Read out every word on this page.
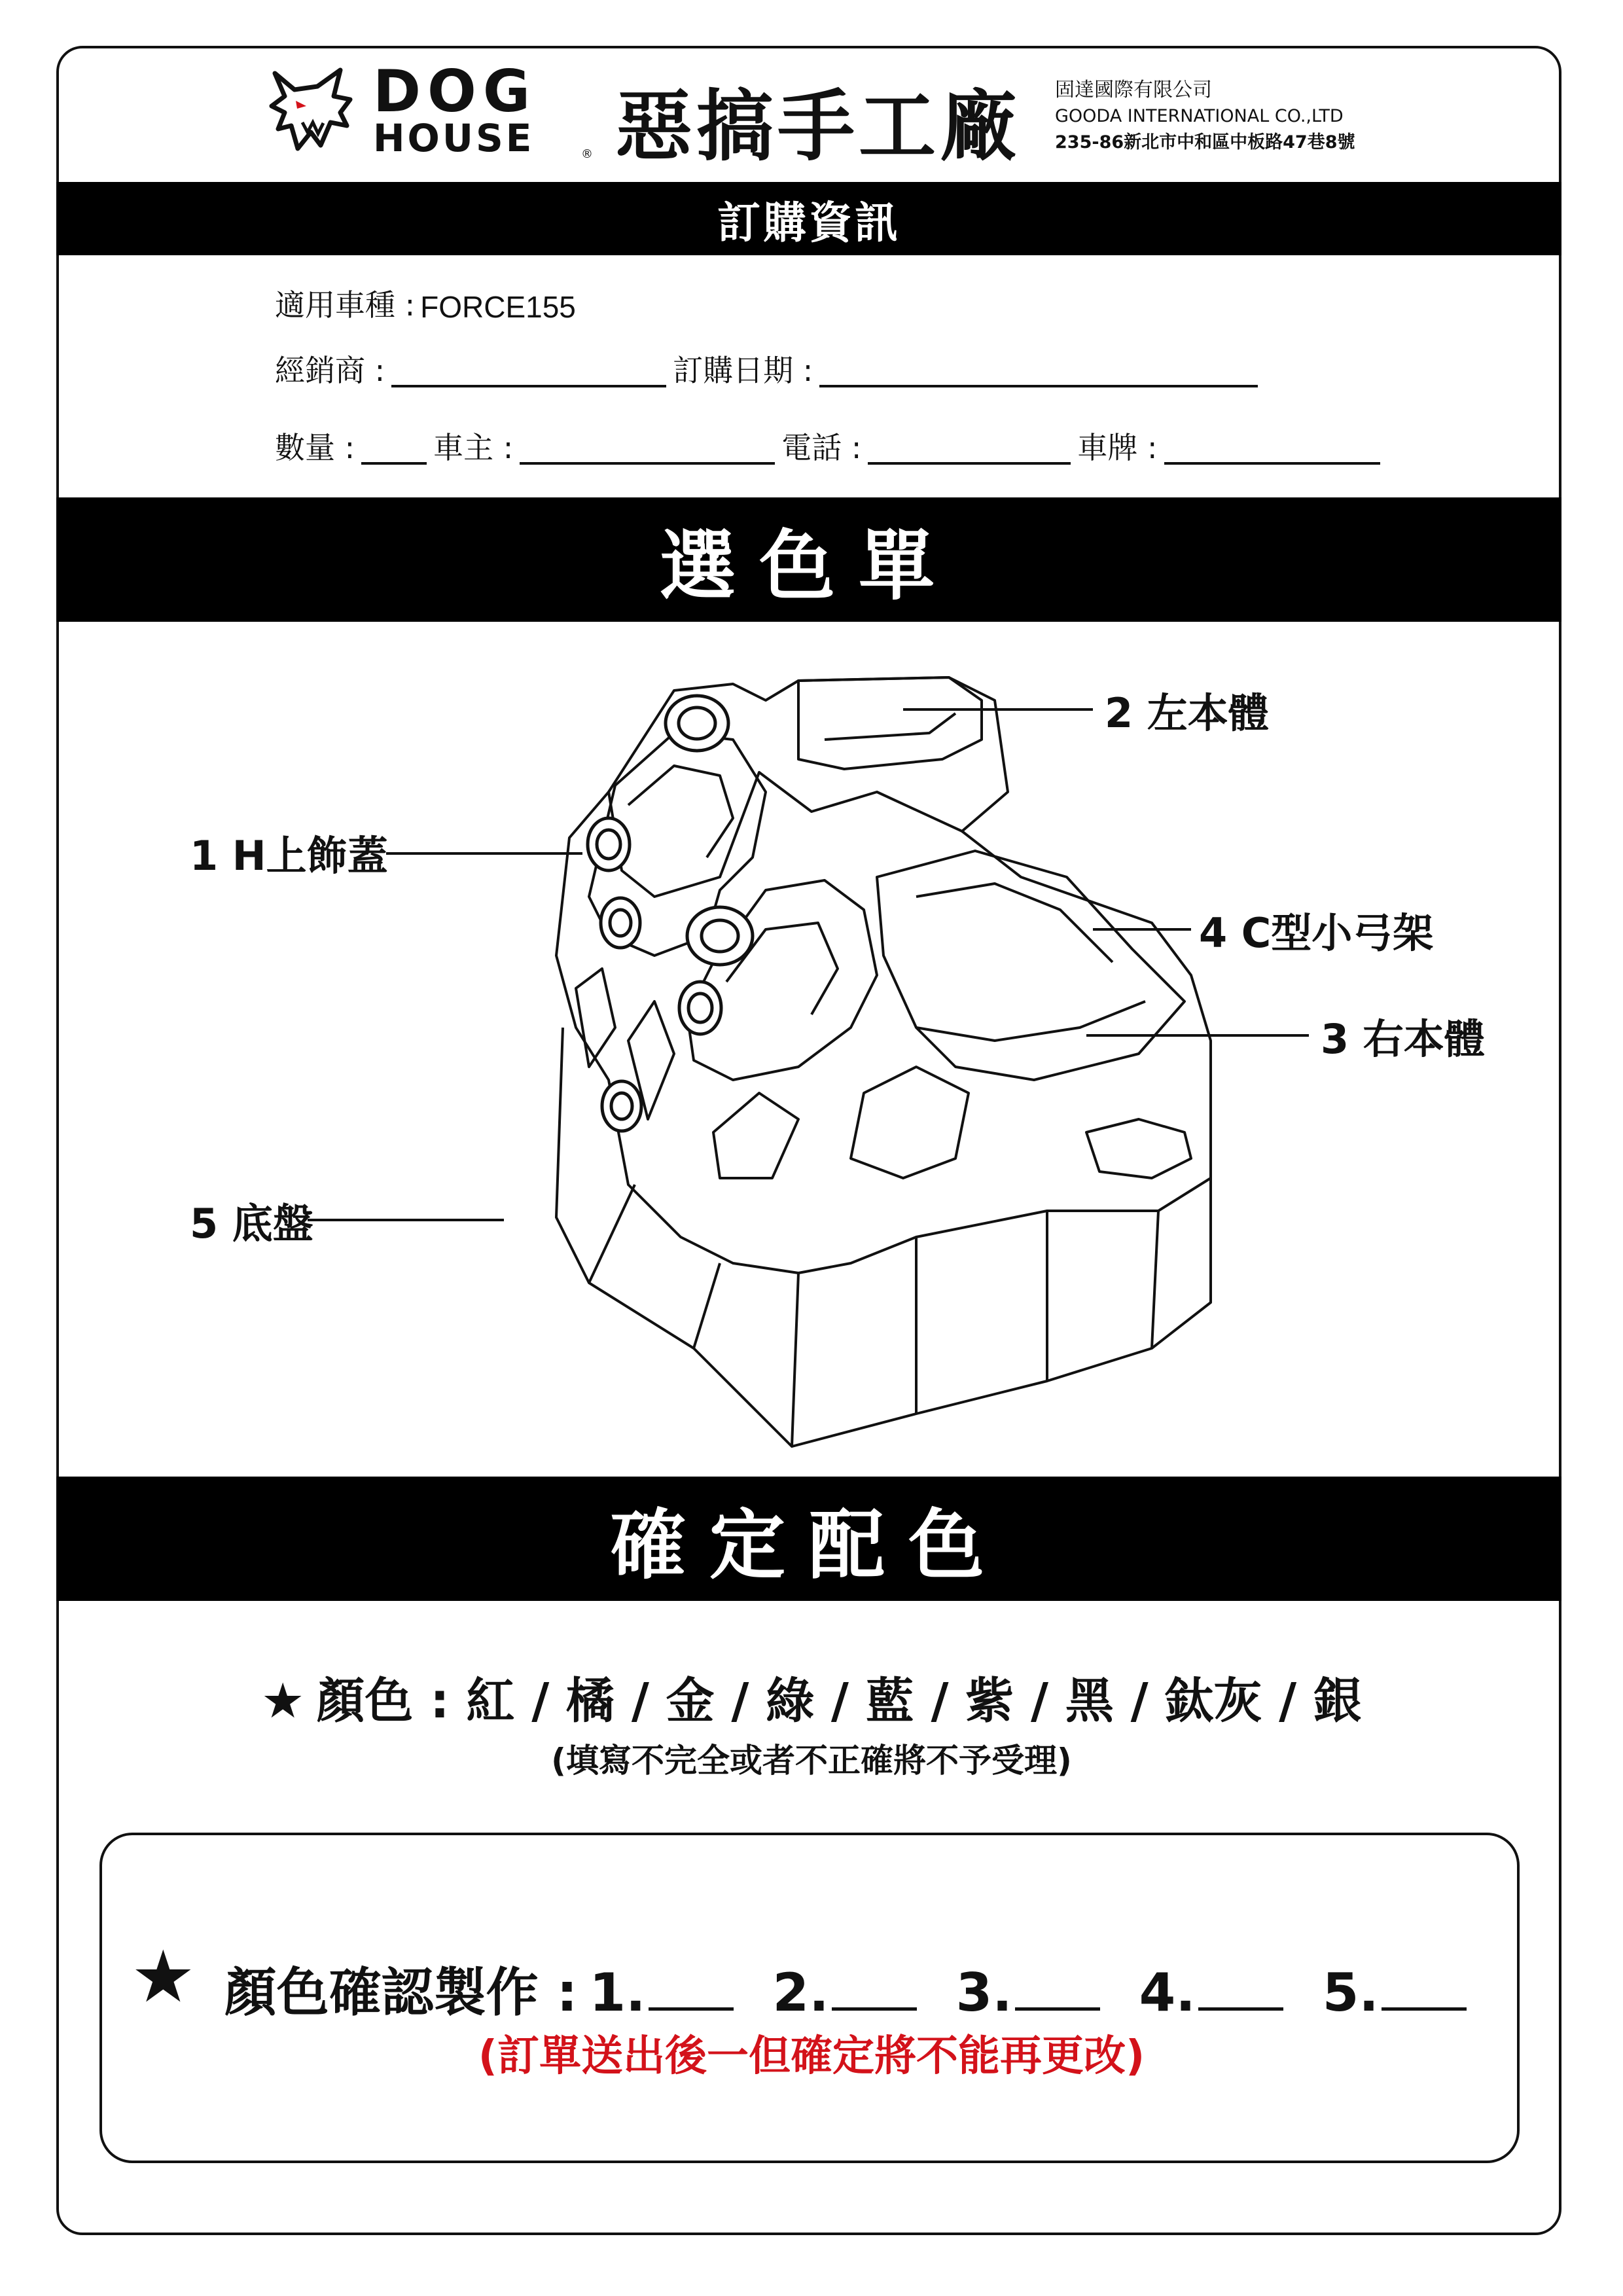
DOG
HOUSE	® 惡搞手工廠 固達國際有限公司
GOODA INTERNATIONAL CO.,LTD
235-86新北市中和區中板路47巷8號
訂購資訊
適用車種 : FORCE155
經銷商 :	訂購日期 :
數量 :	車主 :	電話 :	車牌 :
選色單
2 左本體
1 H上飾蓋
4 C型小弓架
3 右本體
5 底盤
確定配色
★ 顏色 : 紅 / 橘 / 金 / 綠 / 藍 / 紫 / 黑 / 鈦灰 / 銀
(填寫不完全或者不正確將不予受理)
★ 顏色確認製作 : 1. 2. 3. 4. 5.
(訂單送出後一但確定將不能再更改)
